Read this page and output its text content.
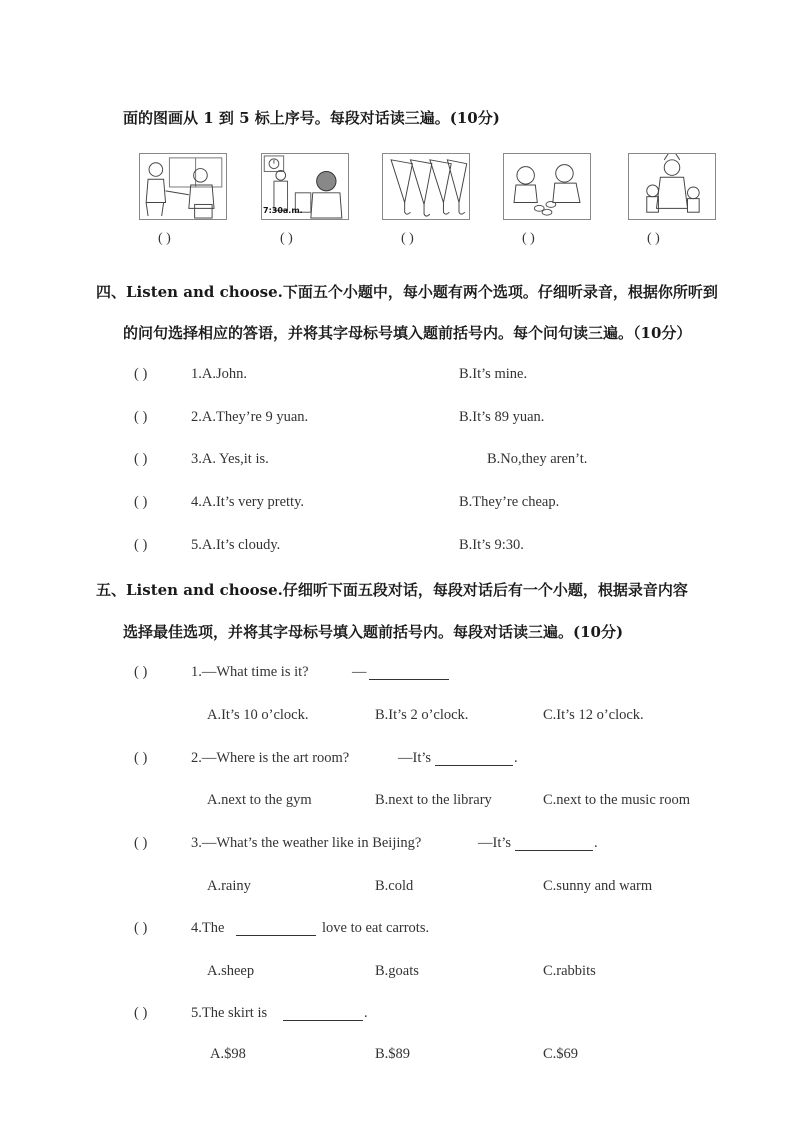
面的图画从 1 到 5 标上序号。每段对话读三遍。(10分)
7:30a.m.
( )	( )	( )	( )	( )
四、Listen and choose.下面五个小题中，每小题有两个选项。仔细听录音，根据你所听到
的问句选择相应的答语，并将其字母标号填入题前括号内。每个问句读三遍。（10分）
( )	1.A.John.	B.It’s mine.
( )	2.A.They’re 9 yuan.	B.It’s 89 yuan.
( )	3.A. Yes,it is.	B.No,they aren’t.
( )	4.A.It’s very pretty.	B.They’re cheap.
( )	5.A.It’s cloudy.	B.It’s 9:30.
五、Listen and choose.仔细听下面五段对话，每段对话后有一个小题，根据录音内容
选择最佳选项，并将其字母标号填入题前括号内。每段对话读三遍。(10分)
( )	1.—What time is it?	—
A.It’s 10 o’clock.	B.It’s 2 o’clock.	C.It’s 12 o’clock.
( )	2.—Where is the art room?	—It’s	.
A.next to the gym	B.next to the library	C.next to the music room
( )	3.—What’s the weather like in Beijing?	—It’s	.
A.rainy	B.cold	C.sunny and warm
( )	4.The	love to eat carrots.
A.sheep	B.goats	C.rabbits
( )	5.The skirt is	.
A.$98	B.$89	C.$69
